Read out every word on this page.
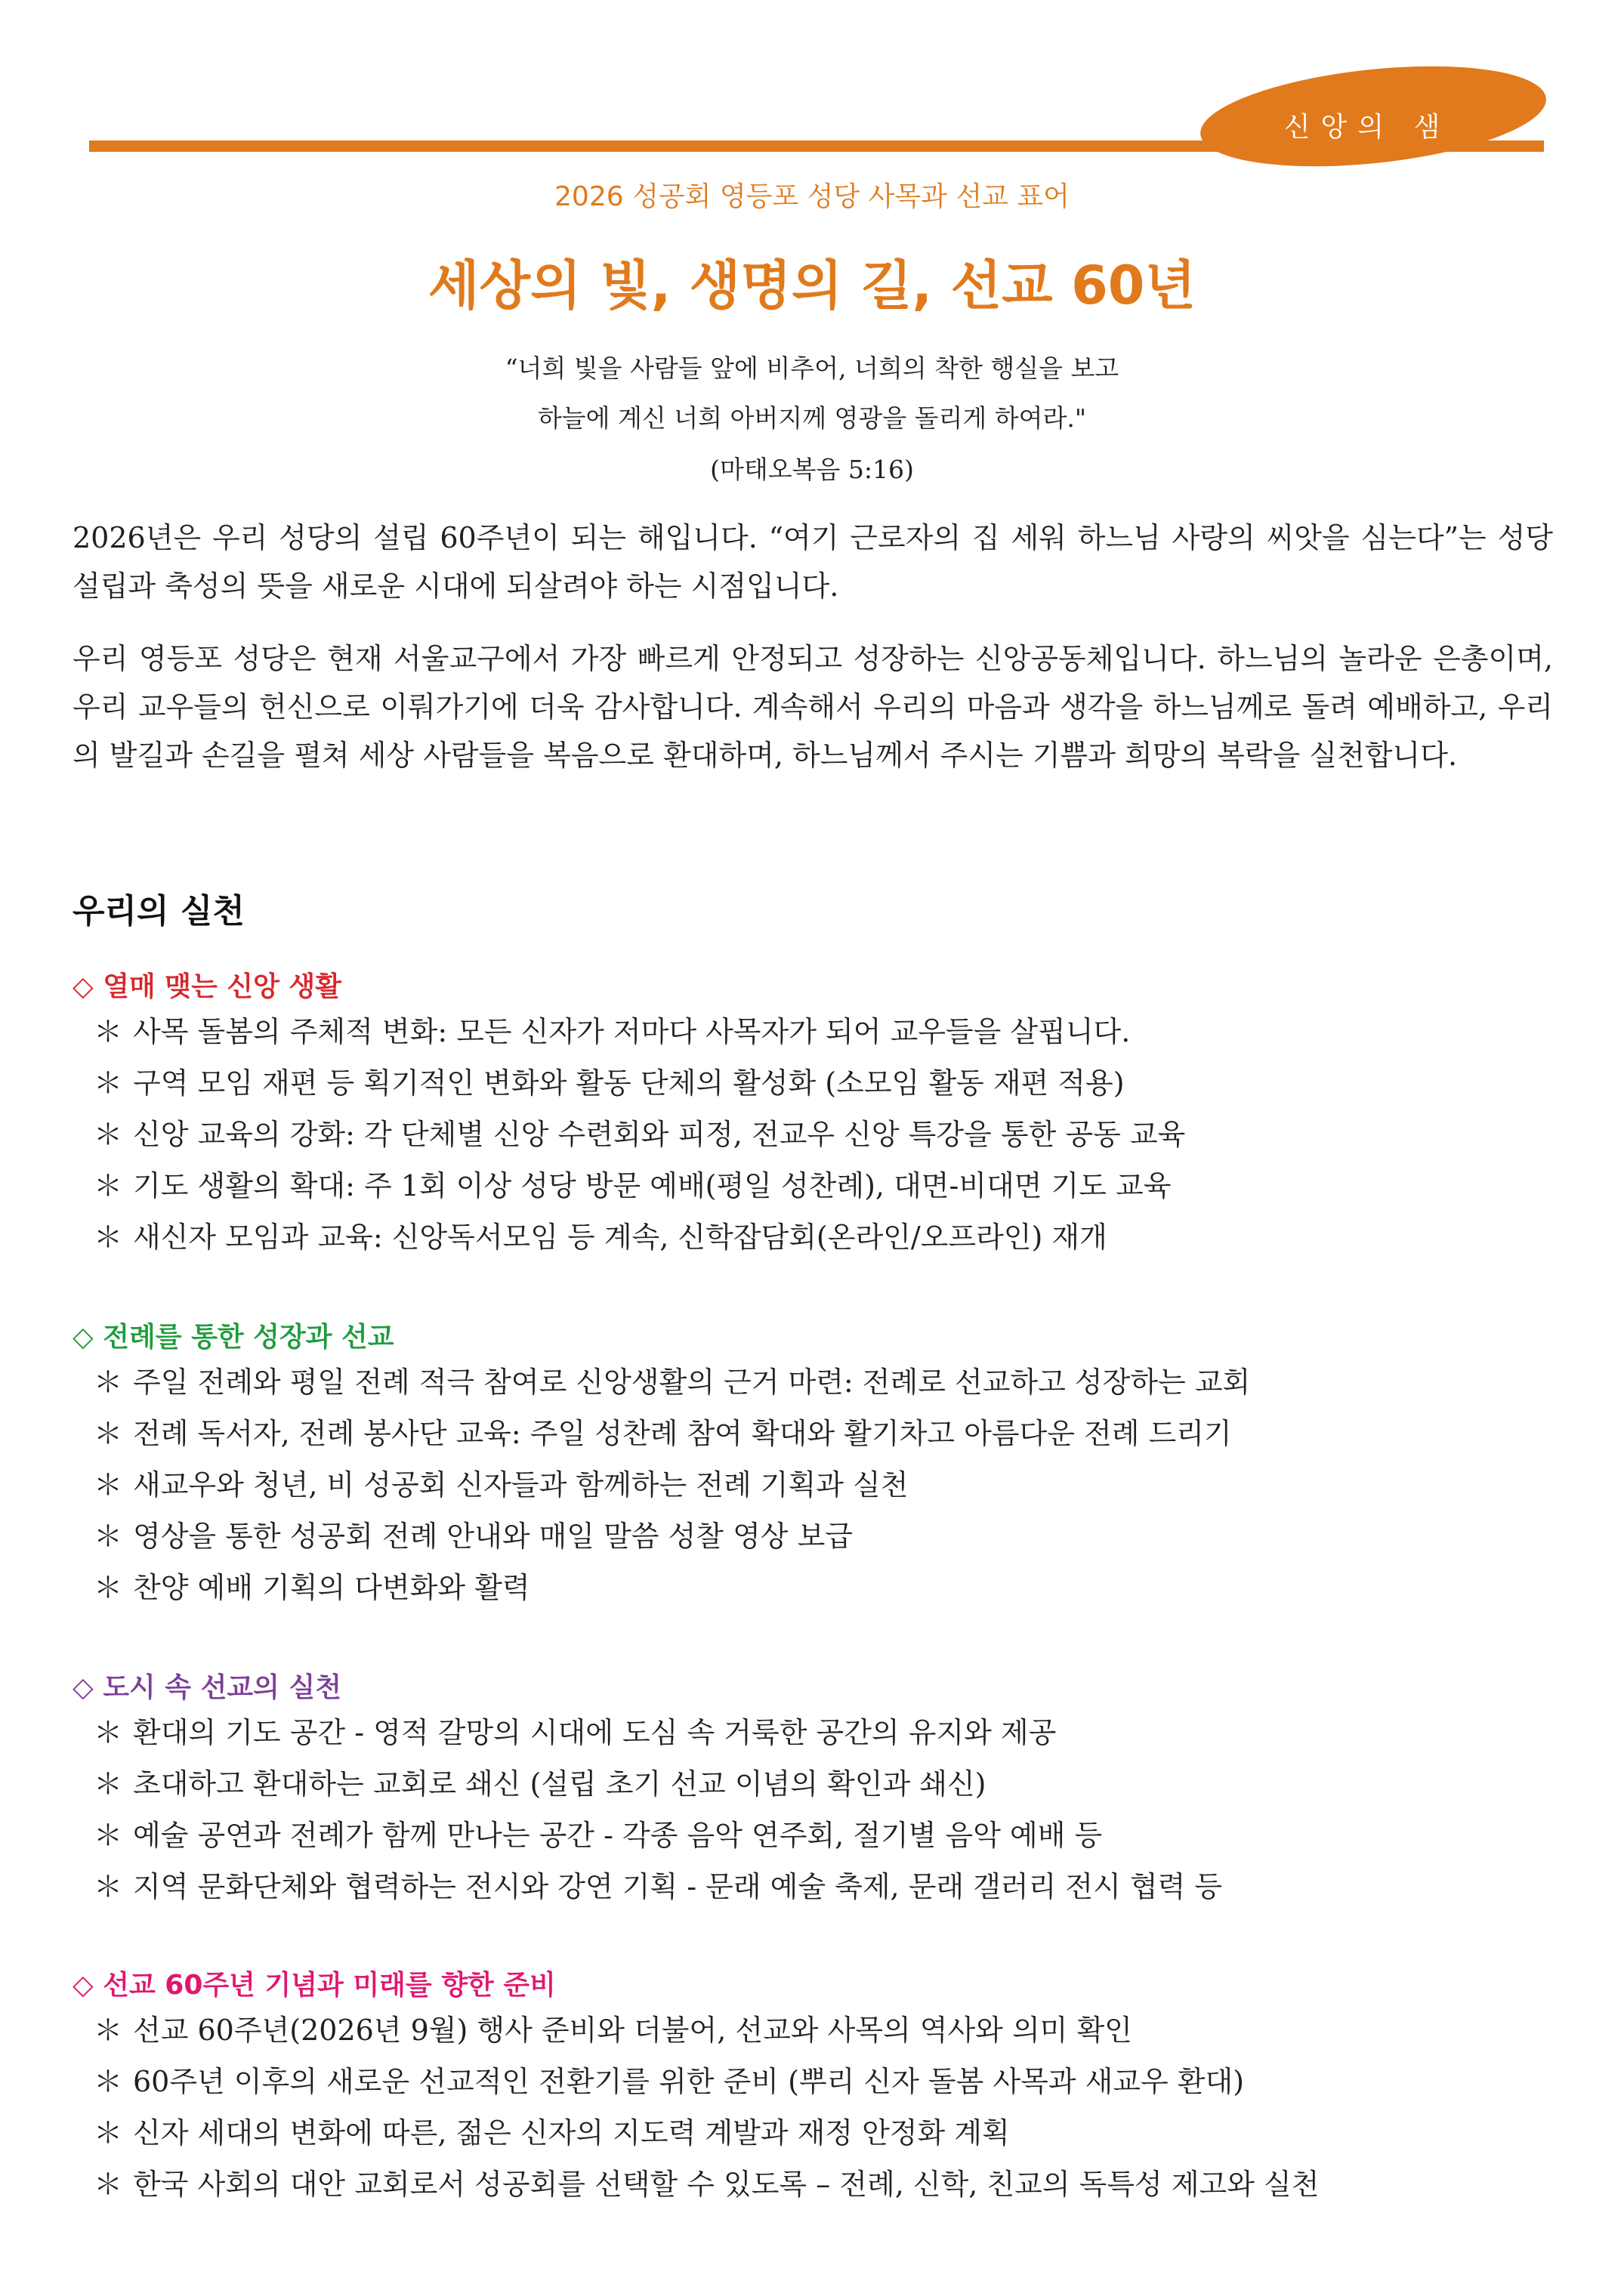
신앙의 샘
2026 성공회 영등포 성당 사목과 선교 표어
세상의 빛, 생명의 길, 선교 60년
“너희 빛을 사람들 앞에 비추어, 너희의 착한 행실을 보고
하늘에 계신 너희 아버지께 영광을 돌리게 하여라."
(마태오복음 5:16)
2026년은 우리 성당의 설립 60주년이 되는 해입니다. “여기 근로자의 집 세워 하느님 사랑의 씨앗을 심는다”는 성당 설립과 축성의 뜻을 새로운 시대에 되살려야 하는 시점입니다.
우리 영등포 성당은 현재 서울교구에서 가장 빠르게 안정되고 성장하는 신앙공동체입니다. 하느님의 놀라운 은총이며, 우리 교우들의 헌신으로 이뤄가기에 더욱 감사합니다. 계속해서 우리의 마음과 생각을 하느님께로 돌려 예배하고, 우리의 발길과 손길을 펼쳐 세상 사람들을 복음으로 환대하며, 하느님께서 주시는 기쁨과 희망의 복락을 실천합니다.
우리의 실천
◇ 열매 맺는 신앙 생활
＊ 사목 돌봄의 주체적 변화: 모든 신자가 저마다 사목자가 되어 교우들을 살핍니다.
＊ 구역 모임 재편 등 획기적인 변화와 활동 단체의 활성화 (소모임 활동 재편 적용)
＊ 신앙 교육의 강화: 각 단체별 신앙 수련회와 피정, 전교우 신앙 특강을 통한 공동 교육
＊ 기도 생활의 확대: 주 1회 이상 성당 방문 예배(평일 성찬례), 대면-비대면 기도 교육
＊ 새신자 모임과 교육: 신앙독서모임 등 계속, 신학잡담회(온라인/오프라인) 재개
◇ 전례를 통한 성장과 선교
＊ 주일 전례와 평일 전례 적극 참여로 신앙생활의 근거 마련: 전례로 선교하고 성장하는 교회
＊ 전례 독서자, 전례 봉사단 교육: 주일 성찬례 참여 확대와 활기차고 아름다운 전례 드리기
＊ 새교우와 청년, 비 성공회 신자들과 함께하는 전례 기획과 실천
＊ 영상을 통한 성공회 전례 안내와 매일 말씀 성찰 영상 보급
＊ 찬양 예배 기획의 다변화와 활력
◇ 도시 속 선교의 실천
＊ 환대의 기도 공간 - 영적 갈망의 시대에 도심 속 거룩한 공간의 유지와 제공
＊ 초대하고 환대하는 교회로 쇄신 (설립 초기 선교 이념의 확인과 쇄신)
＊ 예술 공연과 전례가 함께 만나는 공간 - 각종 음악 연주회, 절기별 음악 예배 등
＊ 지역 문화단체와 협력하는 전시와 강연 기획 - 문래 예술 축제, 문래 갤러리 전시 협력 등
◇ 선교 60주년 기념과 미래를 향한 준비
＊ 선교 60주년(2026년 9월) 행사 준비와 더불어, 선교와 사목의 역사와 의미 확인
＊ 60주년 이후의 새로운 선교적인 전환기를 위한 준비 (뿌리 신자 돌봄 사목과 새교우 환대)
＊ 신자 세대의 변화에 따른, 젊은 신자의 지도력 계발과 재정 안정화 계획
＊ 한국 사회의 대안 교회로서 성공회를 선택할 수 있도록 – 전례, 신학, 친교의 독특성 제고와 실천
